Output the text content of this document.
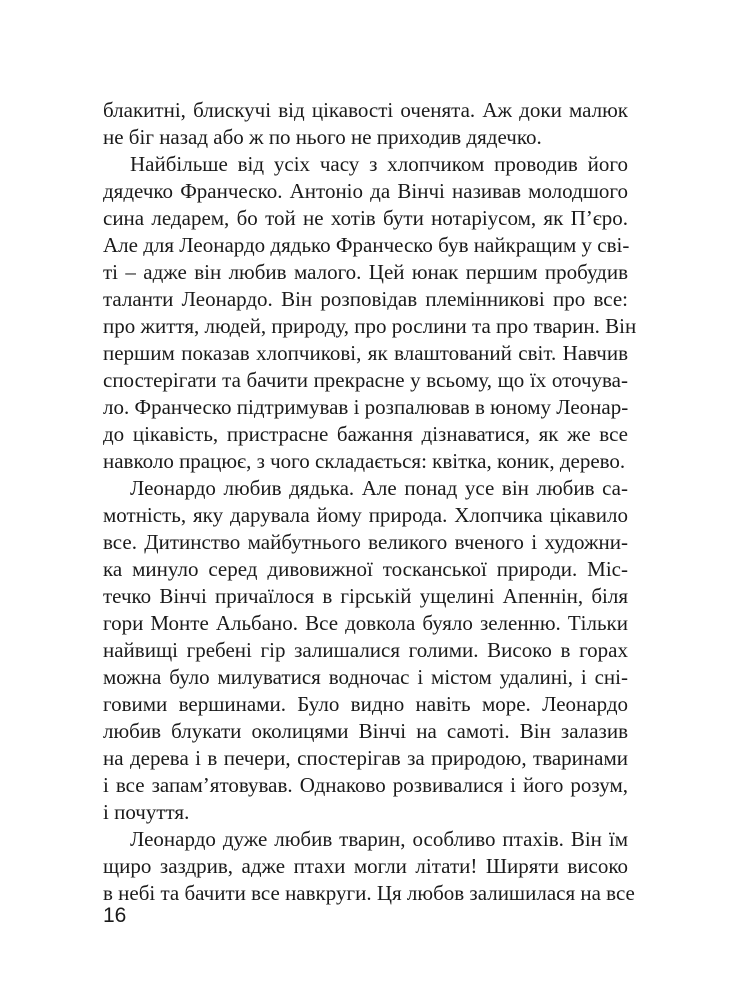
блакитні, блискучі від цікавості оченята. Аж доки малюк
не біг назад або ж по нього не приходив дядечко.
Найбільше від усіх часу з хлопчиком проводив його
дядечко Франческо. Антоніо да Вінчі називав молодшого
сина ледарем, бо той не хотів бути нотаріусом, як П’єро.
Але для Леонардо дядько Франческо був найкращим у сві-
ті – адже він любив малого. Цей юнак першим пробудив
таланти Леонардо. Він розповідав племінникові про все:
про життя, людей, природу, про рослини та про тварин. Він
першим показав хлопчикові, як влаштований світ. Навчив
спостерігати та бачити прекрасне у всьому, що їх оточува-
ло. Франческо підтримував і розпалював в юному Леонар-
до цікавість, пристрасне бажання дізнаватися, як же все
навколо працює, з чого складається: квітка, коник, дерево.
Леонардо любив дядька. Але понад усе він любив са-
мотність, яку дарувала йому природа. Хлопчика цікавило
все. Дитинство майбутнього великого вченого і художни-
ка минуло серед дивовижної тосканської природи. Міс-
течко Вінчі причаїлося в гірській ущелині Апеннін, біля
гори Монте Альбано. Все довкола буяло зеленню. Тільки
найвищі гребені гір залишалися голими. Високо в горах
можна було милуватися водночас і містом удалині, і сні-
говими вершинами. Було видно навіть море. Леонардо
любив блукати околицями Вінчі на самоті. Він залазив
на дерева і в печери, спостерігав за природою, тваринами
і все запам’ятовував. Однаково розвивалися і його розум,
і почуття.
Леонардо дуже любив тварин, особливо птахів. Він їм
щиро заздрив, адже птахи могли літати! Ширяти високо
в небі та бачити все навкруги. Ця любов залишилася на все
16
